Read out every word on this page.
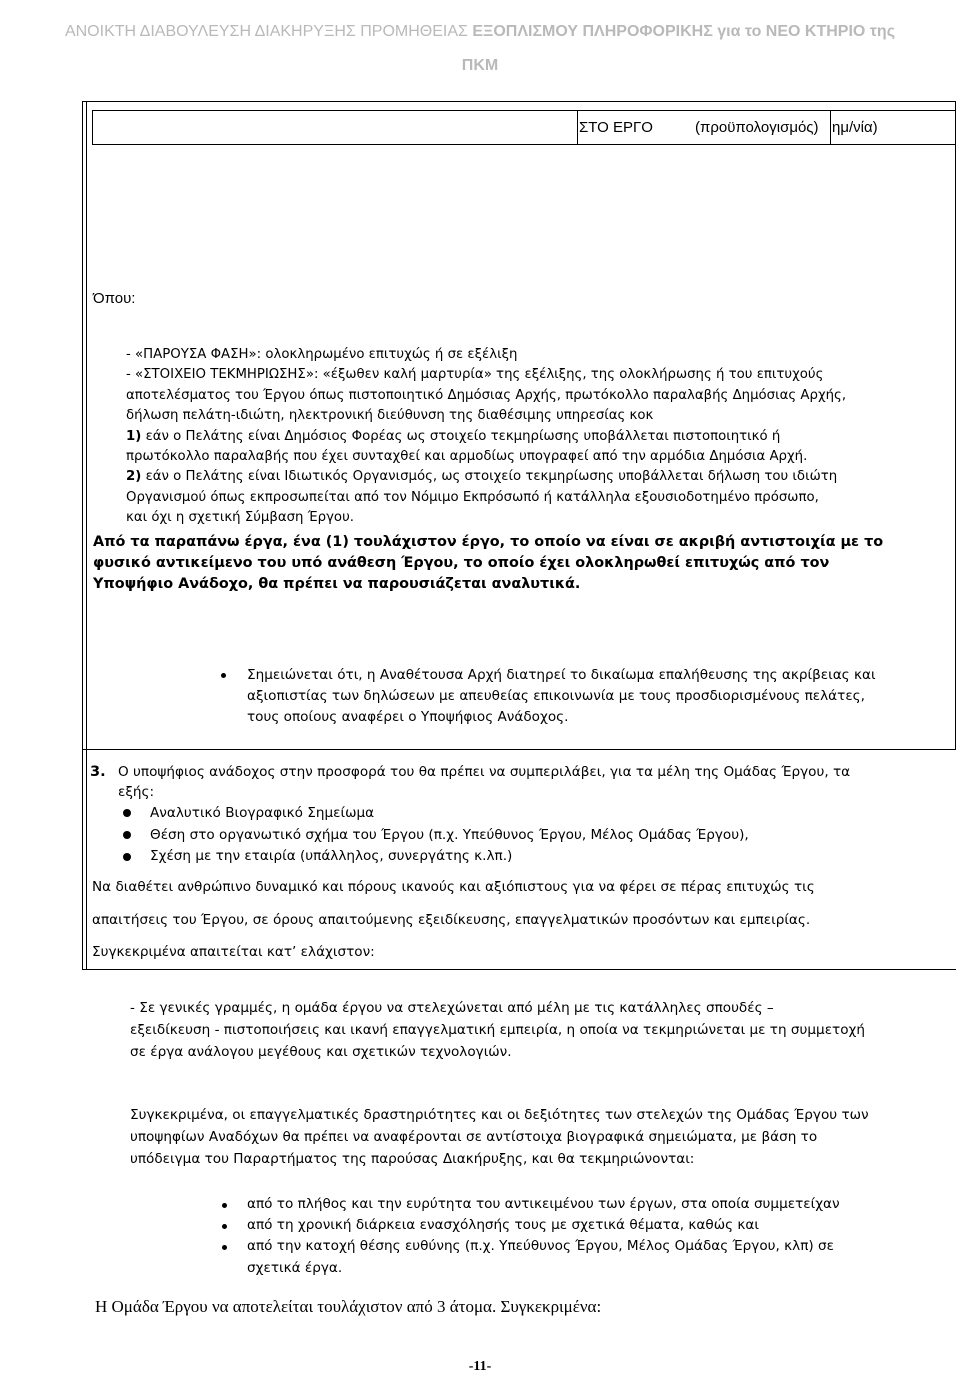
ΑΝΟΙΚΤΗ ΔΙΑΒΟΥΛΕΥΣΗ ΔΙΑΚΗΡΥΞΗΣ ΠΡΟΜΗΘΕΙΑΣ ΕΞΟΠΛΙΣΜΟΥ ΠΛΗΡΟΦΟΡΙΚΗΣ για το ΝΕΟ ΚΤΗΡΙΟ της
ΠΚΜ
ΣΤΟ ΕΡΓΟ	(προϋπολογισμός) ημ/νία)
Όπου:
- «ΠΑΡΟΥΣΑ ΦΑΣΗ»: ολοκληρωμένο επιτυχώς ή σε εξέλιξη
- «ΣΤΟΙΧΕΙΟ ΤΕΚΜΗΡΙΩΣΗΣ»: «έξωθεν καλή μαρτυρία» της εξέλιξης, της ολοκλήρωσης ή του επιτυχούς
αποτελέσματος του Έργου όπως πιστοποιητικό Δημόσιας Αρχής, πρωτόκολλο παραλαβής Δημόσιας Αρχής,
δήλωση πελάτη-ιδιώτη, ηλεκτρονική διεύθυνση της διαθέσιμης υπηρεσίας κοκ
1) εάν ο Πελάτης είναι Δημόσιος Φορέας ως στοιχείο τεκμηρίωσης υποβάλλεται πιστοποιητικό ή
πρωτόκολλο παραλαβής που έχει συνταχθεί και αρμοδίως υπογραφεί από την αρμόδια Δημόσια Αρχή.
2) εάν ο Πελάτης είναι Ιδιωτικός Οργανισμός, ως στοιχείο τεκμηρίωσης υποβάλλεται δήλωση του ιδιώτη
Οργανισμού όπως εκπροσωπείται από τον Νόμιμο Εκπρόσωπό ή κατάλληλα εξουσιοδοτημένο πρόσωπο,
και όχι η σχετική Σύμβαση Έργου.
Από τα παραπάνω έργα, ένα (1) τουλάχιστον έργο, το οποίο να είναι σε ακριβή αντιστοιχία με το
φυσικό αντικείμενο του υπό ανάθεση Έργου, το οποίο έχει ολοκληρωθεί επιτυχώς από τον
Υποψήφιο Ανάδοχο, θα πρέπει να παρουσιάζεται αναλυτικά.
Σημειώνεται ότι, η Αναθέτουσα Αρχή διατηρεί το δικαίωμα επαλήθευσης της ακρίβειας και
αξιοπιστίας των δηλώσεων με απευθείας επικοινωνία με τους προσδιορισμένους πελάτες,
τους οποίους αναφέρει ο Υποψήφιος Ανάδοχος.
3. Ο υποψήφιος ανάδοχος στην προσφορά του θα πρέπει να συμπεριλάβει, για τα μέλη της Ομάδας Έργου, τα
εξής:
Αναλυτικό Βιογραφικό Σημείωμα
Θέση στο οργανωτικό σχήμα του Έργου (π.χ. Υπεύθυνος Έργου, Μέλος Ομάδας Έργου),
Σχέση με την εταιρία (υπάλληλος, συνεργάτης κ.λπ.)
Να διαθέτει ανθρώπινο δυναμικό και πόρους ικανούς και αξιόπιστους για να φέρει σε πέρας επιτυχώς τις
απαιτήσεις του Έργου, σε όρους απαιτούμενης εξειδίκευσης, επαγγελματικών προσόντων και εμπειρίας.
Συγκεκριμένα απαιτείται κατ’ ελάχιστον:
- Σε γενικές γραμμές, η ομάδα έργου να στελεχώνεται από μέλη με τις κατάλληλες σπουδές –
εξειδίκευση - πιστοποιήσεις και ικανή επαγγελματική εμπειρία, η οποία να τεκμηριώνεται με τη συμμετοχή
σε έργα ανάλογου μεγέθους και σχετικών τεχνολογιών.
Συγκεκριμένα, οι επαγγελματικές δραστηριότητες και οι δεξιότητες των στελεχών της Ομάδας Έργου των
υποψηφίων Αναδόχων θα πρέπει να αναφέρονται σε αντίστοιχα βιογραφικά σημειώματα, με βάση το
υπόδειγμα του Παραρτήματος της παρούσας Διακήρυξης, και θα τεκμηριώνονται:
από το πλήθος και την ευρύτητα του αντικειμένου των έργων, στα οποία συμμετείχαν
από τη χρονική διάρκεια ενασχόλησής τους με σχετικά θέματα, καθώς και
από την κατοχή θέσης ευθύνης (π.χ. Υπεύθυνος Έργου, Μέλος Ομάδας Έργου, κλπ) σε
σχετικά έργα.
Η Ομάδα Έργου να αποτελείται τουλάχιστον από 3 άτομα. Συγκεκριμένα:
-11-
